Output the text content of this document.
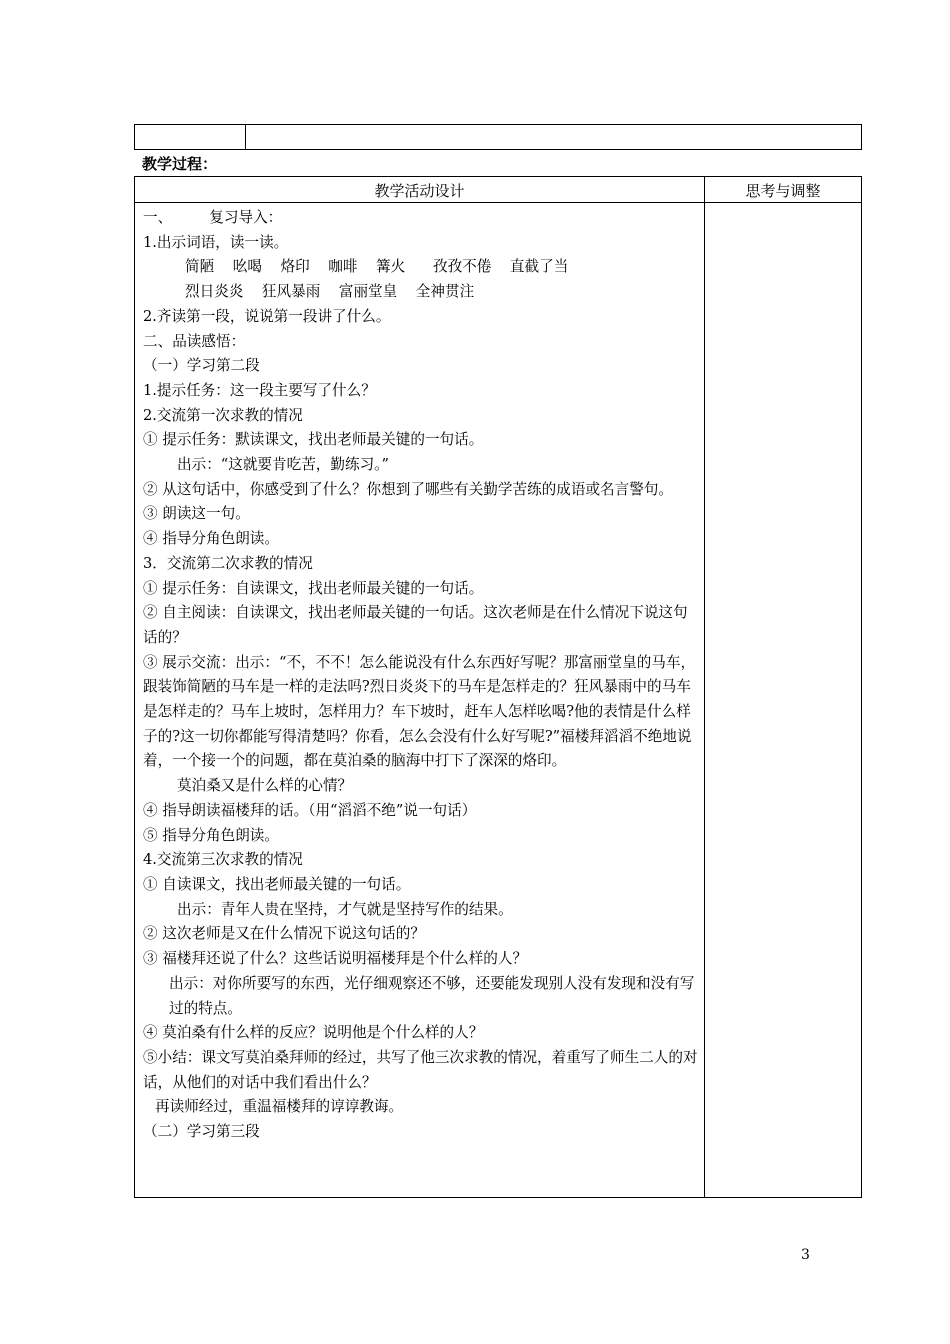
教学过程：
教学活动设计	思考与调整
一、        复习导入：
1.出示词语，读一读。
简陋    吆喝    烙印    咖啡    篝火      孜孜不倦    直截了当
烈日炎炎    狂风暴雨    富丽堂皇    全神贯注
2.齐读第一段，说说第一段讲了什么。
二、品读感悟：
（一）学习第二段
1.提示任务：这一段主要写了什么？
2.交流第一次求教的情况
① 提示任务：默读课文，找出老师最关键的一句话。
出示：“这就要肯吃苦，勤练习。”
② 从这句话中，你感受到了什么？你想到了哪些有关勤学苦练的成语或名言警句。
③ 朗读这一句。
④ 指导分角色朗读。
3．交流第二次求教的情况
① 提示任务：自读课文，找出老师最关键的一句话。
② 自主阅读：自读课文，找出老师最关键的一句话。这次老师是在什么情况下说这句话的？
③ 展示交流：出示：“不，不不！怎么能说没有什么东西好写呢？那富丽堂皇的马车，跟装饰简陋的马车是一样的走法吗?烈日炎炎下的马车是怎样走的？狂风暴雨中的马车是怎样走的？马车上坡时，怎样用力？车下坡时，赶车人怎样吆喝?他的表情是什么样子的?这一切你都能写得清楚吗？你看，怎么会没有什么好写呢?”福楼拜滔滔不绝地说着，一个接一个的问题，都在莫泊桑的脑海中打下了深深的烙印。
莫泊桑又是什么样的心情？
④ 指导朗读福楼拜的话。（用“滔滔不绝”说一句话）
⑤ 指导分角色朗读。
4.交流第三次求教的情况
① 自读课文，找出老师最关键的一句话。
出示：青年人贵在坚持，才气就是坚持写作的结果。
② 这次老师是又在什么情况下说这句话的？
③ 福楼拜还说了什么？这些话说明福楼拜是个什么样的人？
出示：对你所要写的东西，光仔细观察还不够，还要能发现别人没有发现和没有写过的特点。
④ 莫泊桑有什么样的反应？说明他是个什么样的人？
⑤小结：课文写莫泊桑拜师的经过，共写了他三次求教的情况，着重写了师生二人的对话，从他们的对话中我们看出什么？
再读师经过，重温福楼拜的谆谆教诲。
（二）学习第三段
3
